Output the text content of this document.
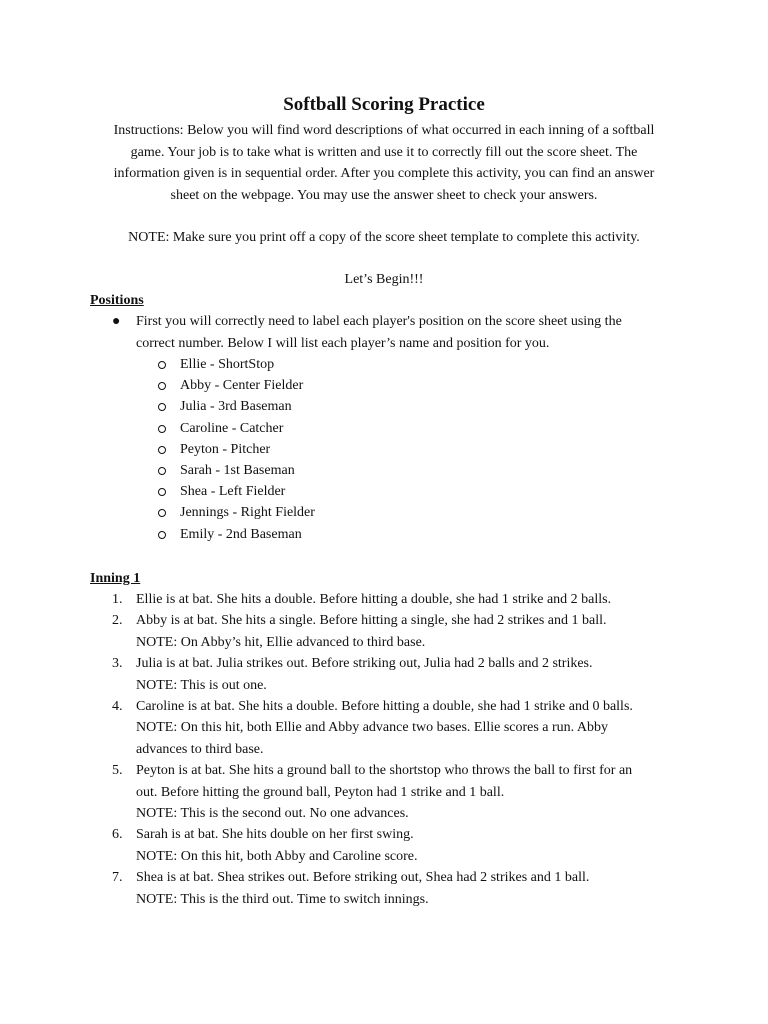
Softball Scoring Practice

Instructions: Below you will find word descriptions of what occurred in each inning of a softball

game. Your job is to take what is written and use it to correctly fill out the score sheet. The

information given is in sequential order. After you complete this activity, you can find an answer

sheet on the webpage. You may use the answer sheet to check your answers.

NOTE: Make sure you print off a copy of the score sheet template to complete this activity.
Let’s Begin!!!
Positions
● First you will correctly need to label each player's position on the score sheet using the
correct number. Below I will list each player’s name and position for you.
Ellie - ShortStop
Abby - Center Fielder
Julia - 3rd Baseman
Caroline - Catcher
Peyton - Pitcher
Sarah - 1st Baseman
Shea - Left Fielder
Jennings - Right Fielder
Emily - 2nd Baseman
Inning 1
1. Ellie is at bat. She hits a double. Before hitting a double, she had 1 strike and 2 balls.

2. Abby is at bat. She hits a single. Before hitting a single, she had 2 strikes and 1 ball.

NOTE: On Abby’s hit, Ellie advanced to third base.

3. Julia is at bat. Julia strikes out. Before striking out, Julia had 2 balls and 2 strikes.

NOTE: This is out one.

4. Caroline is at bat. She hits a double. Before hitting a double, she had 1 strike and 0 balls.

NOTE: On this hit, both Ellie and Abby advance two bases. Ellie scores a run. Abby

advances to third base.

5. Peyton is at bat. She hits a ground ball to the shortstop who throws the ball to first for an

out. Before hitting the ground ball, Peyton had 1 strike and 1 ball.

NOTE: This is the second out. No one advances.

6. Sarah is at bat. She hits double on her first swing.

NOTE: On this hit, both Abby and Caroline score.

7. Shea is at bat. Shea strikes out. Before striking out, Shea had 2 strikes and 1 ball.

NOTE: This is the third out. Time to switch innings.
